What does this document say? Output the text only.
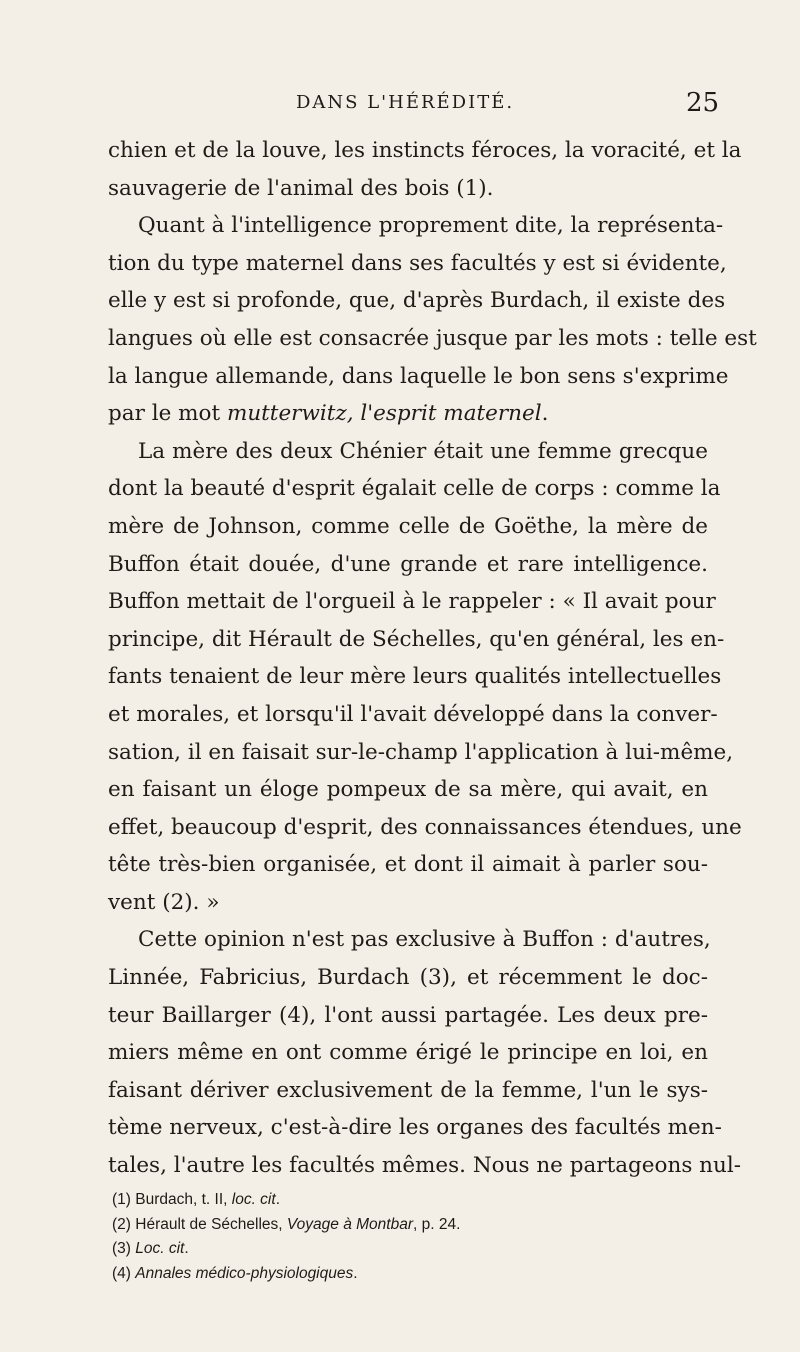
DANS L'HÉRÉDITÉ.	25
chien et de la louve, les instincts féroces, la voracité, et la
sauvagerie de l'animal des bois (1).
Quant à l'intelligence proprement dite, la représenta-
tion du type maternel dans ses facultés y est si évidente,
elle y est si profonde, que, d'après Burdach, il existe des
langues où elle est consacrée jusque par les mots : telle est
la langue allemande, dans laquelle le bon sens s'exprime
par le mot mutterwitz, l'esprit maternel.
La mère des deux Chénier était une femme grecque
dont la beauté d'esprit égalait celle de corps : comme la
mère de Johnson, comme celle de Goëthe, la mère de
Buffon était douée, d'une grande et rare intelligence.
Buffon mettait de l'orgueil à le rappeler : « Il avait pour
principe, dit Hérault de Séchelles, qu'en général, les en-
fants tenaient de leur mère leurs qualités intellectuelles
et morales, et lorsqu'il l'avait développé dans la conver-
sation, il en faisait sur-le-champ l'application à lui-même,
en faisant un éloge pompeux de sa mère, qui avait, en
effet, beaucoup d'esprit, des connaissances étendues, une
tête très-bien organisée, et dont il aimait à parler sou-
vent (2). »
Cette opinion n'est pas exclusive à Buffon : d'autres,
Linnée, Fabricius, Burdach (3), et récemment le doc-
teur Baillarger (4), l'ont aussi partagée. Les deux pre-
miers même en ont comme érigé le principe en loi, en
faisant dériver exclusivement de la femme, l'un le sys-
tème nerveux, c'est-à-dire les organes des facultés men-
tales, l'autre les facultés mêmes. Nous ne partageons nul-
(1) Burdach, t. II, loc. cit.
(2) Hérault de Séchelles, Voyage à Montbar, p. 24.
(3) Loc. cit.
(4) Annales médico-physiologiques.
